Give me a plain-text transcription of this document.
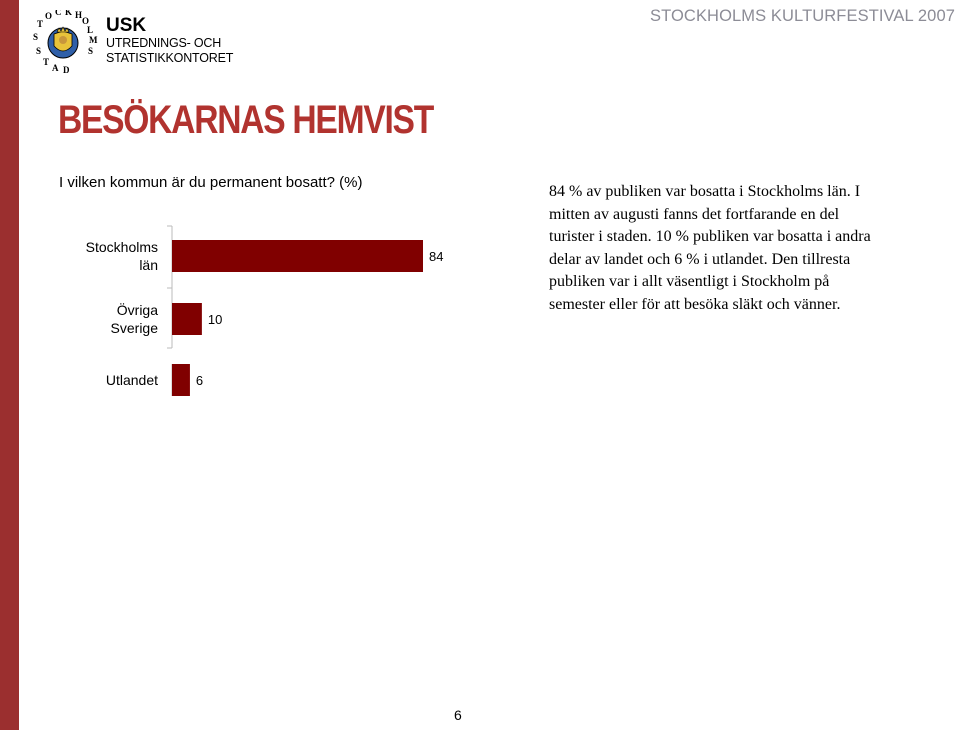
S
T
O C K H
O
L
M
S
S
T
A D
USK
UTREDNINGS- OCH
STATISTIKKONTORET
STOCKHOLMS KULTURFESTIVAL 2007
BESÖKARNAS HEMVIST
I vilken kommun är du permanent bosatt? (%)
84
Stockholms
län
10
Övriga
Sverige
6
Utlandet
84 % av publiken var bosatta i Stockholms län. I mitten av augusti fanns det fortfarande en del turister i staden. 10 % publiken var bosatta i andra delar av landet och 6 % i utlandet. Den tillresta publiken var i allt väsentligt i Stockholm på semester eller för att besöka släkt och vänner.
6
